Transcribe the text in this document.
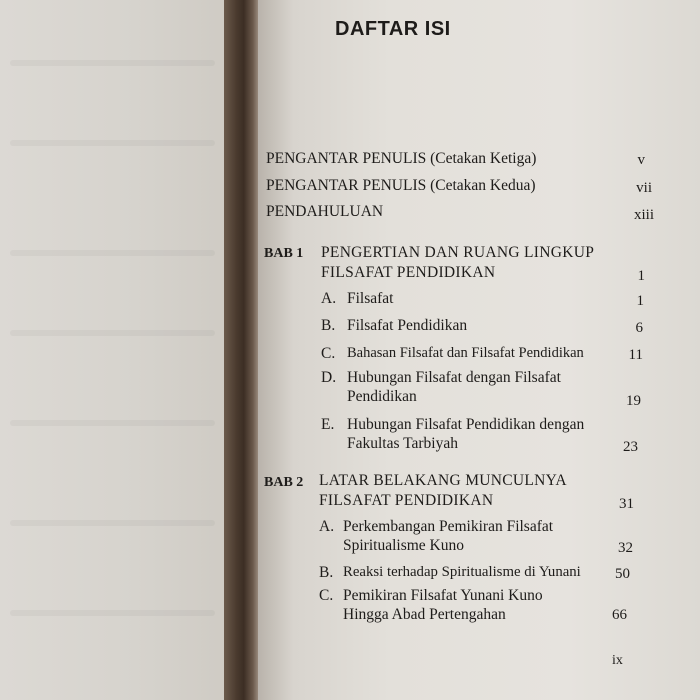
DAFTAR ISI
PENGANTAR PENULIS (Cetakan Ketiga)	v
PENGANTAR PENULIS (Cetakan Kedua)	vii
PENDAHULUAN	xiii
BAB 1 PENGERTIAN DAN RUANG LINGKUP
FILSAFAT PENDIDIKAN	1
A. Filsafat	1
B. Filsafat Pendidikan	6
C. Bahasan Filsafat dan Filsafat Pendidikan	11
D. Hubungan Filsafat dengan Filsafat
Pendidikan	19
E. Hubungan Filsafat Pendidikan dengan
Fakultas Tarbiyah	23
BAB 2 LATAR BELAKANG MUNCULNYA
FILSAFAT PENDIDIKAN	31
A. Perkembangan Pemikiran Filsafat
Spiritualisme Kuno	32
B. Reaksi terhadap Spiritualisme di Yunani 50
C. Pemikiran Filsafat Yunani Kuno
Hingga Abad Pertengahan	66
ix
